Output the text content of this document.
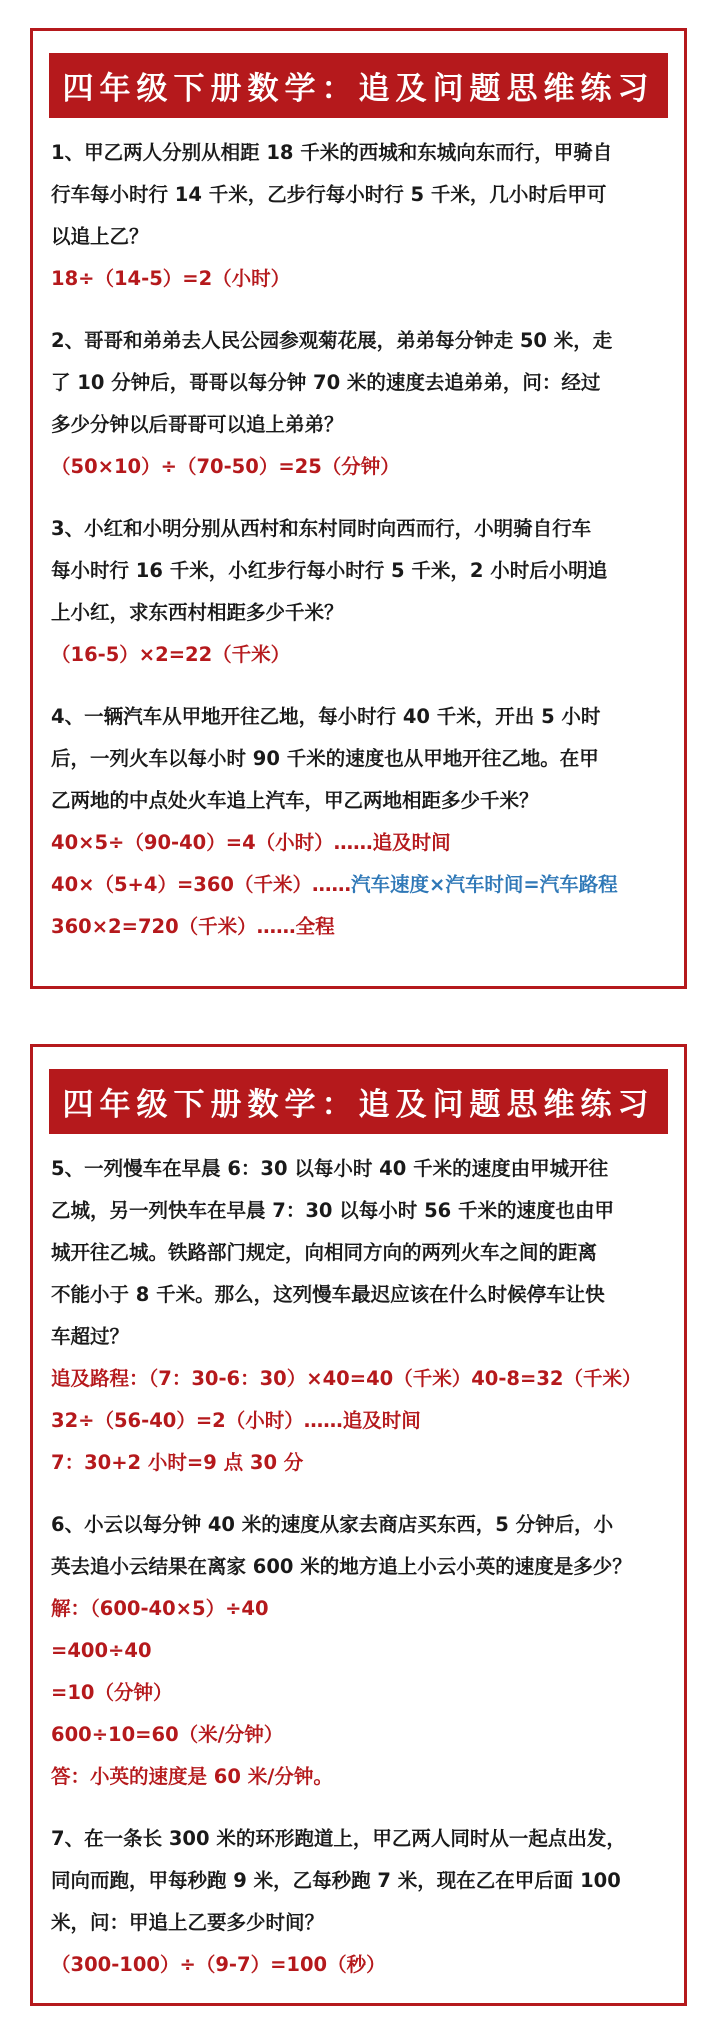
四年级下册数学：追及问题思维练习
1、甲乙两人分别从相距 18 千米的西城和东城向东而行，甲骑自
行车每小时行 14 千米，乙步行每小时行 5 千米，几小时后甲可
以追上乙？
18÷（14-5）=2（小时）
2、哥哥和弟弟去人民公园参观菊花展，弟弟每分钟走 50 米，走
了 10 分钟后，哥哥以每分钟 70 米的速度去追弟弟，问：经过
多少分钟以后哥哥可以追上弟弟？
（50×10）÷（70-50）=25（分钟）
3、小红和小明分别从西村和东村同时向西而行，小明骑自行车
每小时行 16 千米，小红步行每小时行 5 千米，2 小时后小明追
上小红，求东西村相距多少千米？
（16-5）×2=22（千米）
4、一辆汽车从甲地开往乙地，每小时行 40 千米，开出 5 小时
后，一列火车以每小时 90 千米的速度也从甲地开往乙地。在甲
乙两地的中点处火车追上汽车，甲乙两地相距多少千米？
40×5÷（90-40）=4（小时）……追及时间
40×（5+4）=360（千米）……汽车速度×汽车时间=汽车路程
360×2=720（千米）……全程
四年级下册数学：追及问题思维练习
5、一列慢车在早晨 6：30 以每小时 40 千米的速度由甲城开往
乙城，另一列快车在早晨 7：30 以每小时 56 千米的速度也由甲
城开往乙城。铁路部门规定，向相同方向的两列火车之间的距离
不能小于 8 千米。那么，这列慢车最迟应该在什么时候停车让快
车超过？
追及路程：（7：30-6：30）×40=40（千米）40-8=32（千米）
32÷（56-40）=2（小时）……追及时间
7：30+2 小时=9 点 30 分
6、小云以每分钟 40 米的速度从家去商店买东西，5 分钟后，小
英去追小云结果在离家 600 米的地方追上小云小英的速度是多少？
解：（600-40×5）÷40
=400÷40
=10（分钟）
600÷10=60（米/分钟）
答：小英的速度是 60 米/分钟。
7、在一条长 300 米的环形跑道上，甲乙两人同时从一起点出发，
同向而跑，甲每秒跑 9 米，乙每秒跑 7 米，现在乙在甲后面 100
米，问：甲追上乙要多少时间？
（300-100）÷（9-7）=100（秒）
